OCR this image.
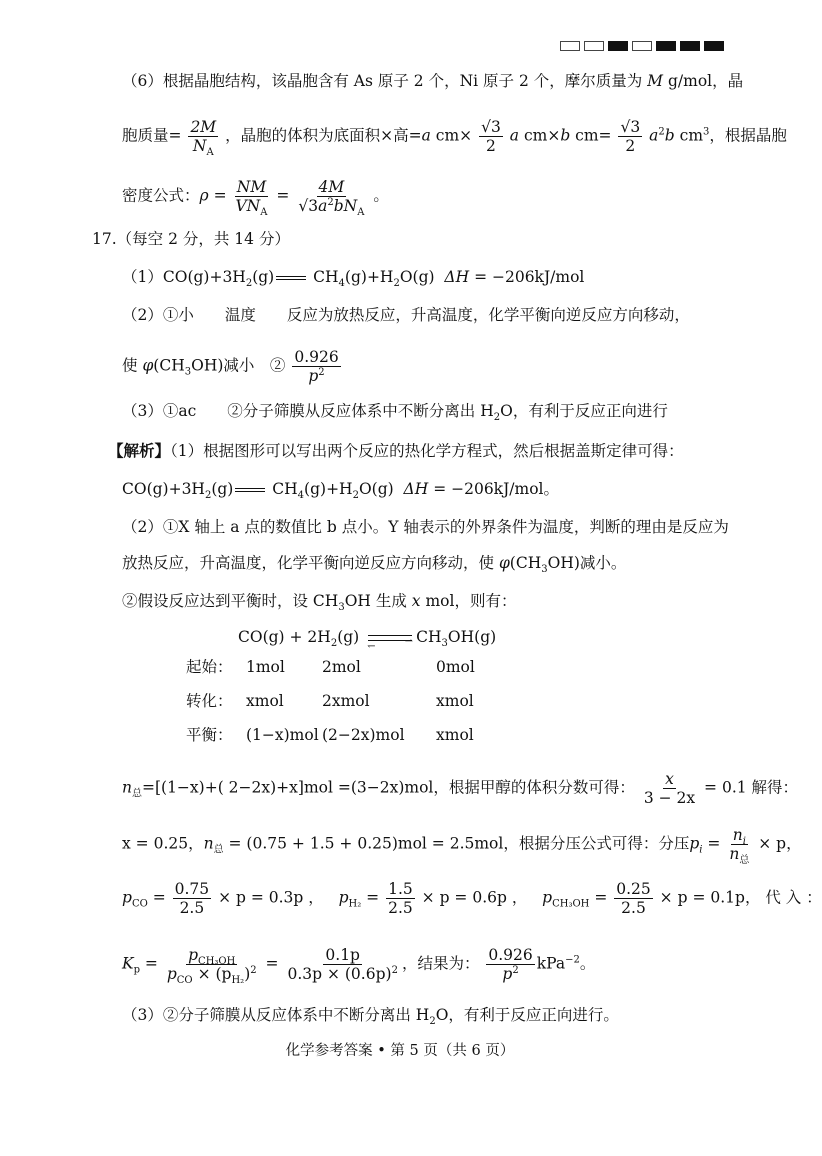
（6）根据晶胞结构，该晶胞含有 As 原子 2 个，Ni 原子 2 个，摩尔质量为 M g/mol，晶
胞质量= $\frac{2M}{N_A}$ ，晶胞的体积为底面积×高=a $cm\times \frac{√3}{2}$ a cm×b $cm= \frac{√3}{2} a^2b$ $cm^3$，根据晶胞
密度公式：$\rho = \frac{NM}{VN_A} = \frac{4M}{√3a^2bN_A}$ 。
17.（每空 2 分，共 14 分）
$(1)CO(g)+3H_2(g)$ $CH_4(g)+H_2O(g) \Delta H = -206kJ/mol$
（2）①小　　温度　　反应为放热反应，升高温度，化学平衡向逆反应方向移动，
使 $\varphi(CH_3OH)$减小　② $\frac{0.926}{p^2}$
（3）①ac　　②分子筛膜从反应体系中不断分离出 $H_2O$，有利于反应正向进行
【解析】（1）根据图形可以写出两个反应的热化学方程式，然后根据盖斯定律可得：
$CO(g)+3H_2(g)$ $CH_4(g)+H_2O(g) \Delta H = -206kJ/mol$。
（2）①X 轴上 a 点的数值比 b 点小。Y 轴表示的外界条件为温度，判断的理由是反应为
放热反应，升高温度，化学平衡向逆反应方向移动，使 $\varphi(CH_3OH)$减小。
②假设反应达到平衡时，设 $CH_3OH$ 生成 x mol，则有：
$CO(g) + 2H_2(g)$	⇀
↽
$CH_3OH(g)$
起始： 1mol 2mol	0mol
转化： xmol 2xmol	xmol
平衡： (1−x)mol (2−2x)mol xmol
$n_总=[(1-x)+$( 2−2x)+x]mol =(3−2x)mol，根据甲醇的体积分数可得： $\frac{x}{3 - 2x} = 0.1$ 解得：
x = 0.25，$n_总 = (0.75 + 1.5 + 0.25)mol = 2.5mol$，根据分压公式可得：分压$p_i = \frac{n_i}{n_总} \times p$，
$p_{CO} = \frac{0.75}{2.5} \times p = 0.3p$ ，   $p_{H_2} = \frac{1.5}{2.5} \times p = 0.6p$ ，   $p_{CH_3OH} = \frac{0.25}{2.5} \times p = 0.1p$， 代 入 ：
$K_p = \frac{p_{CH_3OH}}{p_{CO} \times (p_{H_2})^2} = \frac{0.1p}{0.3p \times (0.6p)^2}$ ，结果为： $\frac{0.926}{p^2} kPa^{-2}$。
（3）②分子筛膜从反应体系中不断分离出 $H_2O$，有利于反应正向进行。
化学参考答案 • 第 5 页（共 6 页）
